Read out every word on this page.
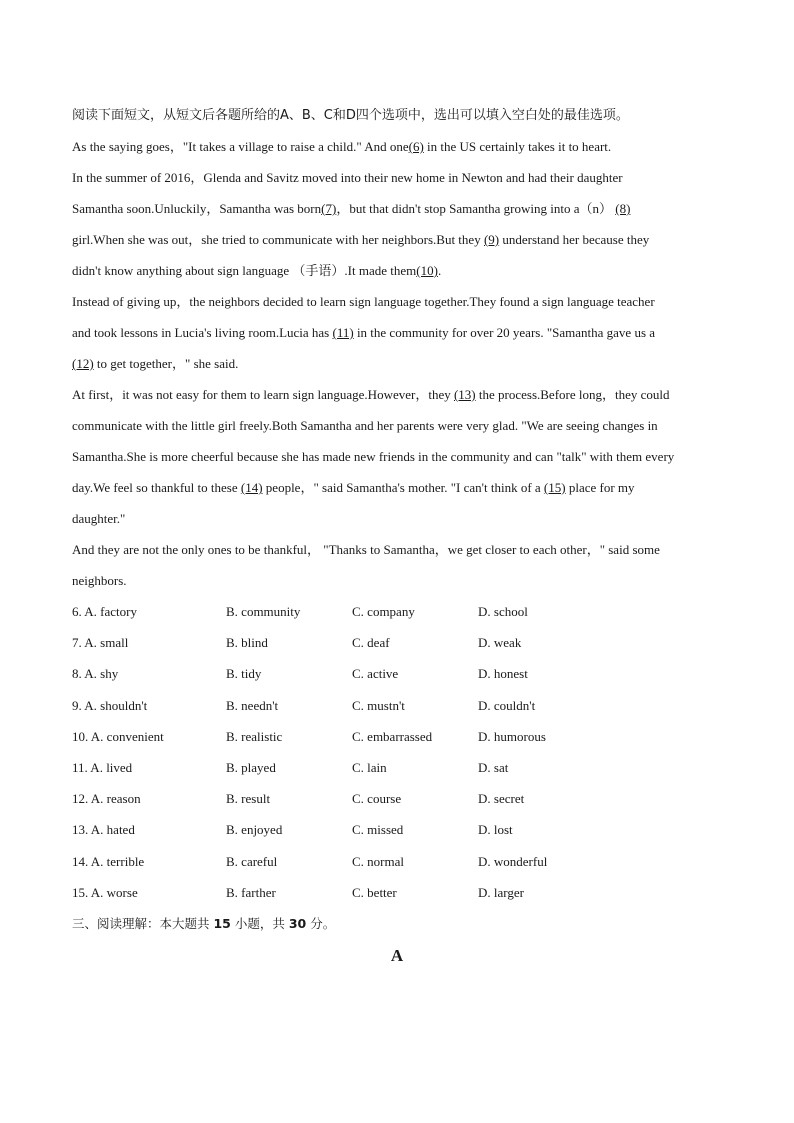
阅读下面短文，从短文后各题所给的A、B、C和D四个选项中，选出可以填入空白处的最佳选项。
As the saying goes，"It takes a village to raise a child." And one(6) in the US certainly takes it to heart.
In the summer of 2016，Glenda and Savitz moved into their new home in Newton and had their daughter
Samantha soon.Unluckily，Samantha was born(7)，but that didn't stop Samantha growing into a（n） (8)
girl.When she was out，she tried to communicate with her neighbors.But they (9) understand her because they
didn't know anything about sign language （手语）.It made them(10).
Instead of giving up，the neighbors decided to learn sign language together.They found a sign language teacher
and took lessons in Lucia's living room.Lucia has (11) in the community for over 20 years. "Samantha gave us a
(12) to get together，" she said.
At first，it was not easy for them to learn sign language.However，they (13) the process.Before long，they could
communicate with the little girl freely.Both Samantha and her parents were very glad. "We are seeing changes in
Samantha.She is more cheerful because she has made new friends in the community and can "talk" with them every
day.We feel so thankful to these (14) people，" said Samantha's mother. "I can't think of a (15) place for my
daughter."
And they are not the only ones to be thankful， "Thanks to Samantha，we get closer to each other，" said some
neighbors.
6. A. factory	B. community	C. company	D. school
7. A. small	B. blind	C. deaf	D. weak
8. A. shy	B. tidy	C. active	D. honest
9. A. shouldn't	B. needn't	C. mustn't	D. couldn't
10. A. convenient	B. realistic	C. embarrassed	D. humorous
11. A. lived	B. played	C. lain	D. sat
12. A. reason	B. result	C. course	D. secret
13. A. hated	B. enjoyed	C. missed	D. lost
14. A. terrible	B. careful	C. normal	D. wonderful
15. A. worse	B. farther	C. better	D. larger
三、阅读理解：本大题共 15 小题，共 30 分。
A
